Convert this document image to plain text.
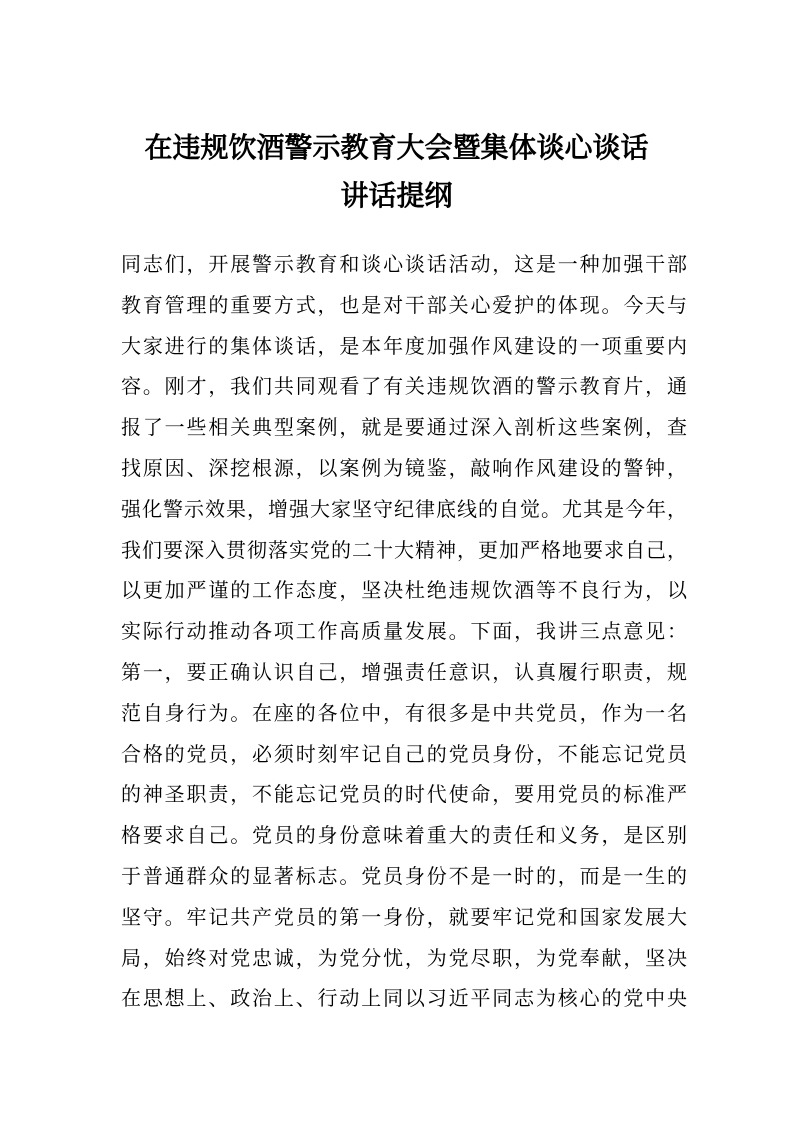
在违规饮酒警示教育大会暨集体谈心谈话
讲话提纲
同志们，开展警示教育和谈心谈话活动，这是一种加强干部
教育管理的重要方式，也是对干部关心爱护的体现。今天与
大家进行的集体谈话，是本年度加强作风建设的一项重要内
容。刚才，我们共同观看了有关违规饮酒的警示教育片，通
报了一些相关典型案例，就是要通过深入剖析这些案例，查
找原因、深挖根源，以案例为镜鉴，敲响作风建设的警钟，
强化警示效果，增强大家坚守纪律底线的自觉。尤其是今年，
我们要深入贯彻落实党的二十大精神，更加严格地要求自己，
以更加严谨的工作态度，坚决杜绝违规饮酒等不良行为，以
实际行动推动各项工作高质量发展。下面，我讲三点意见：
第一，要正确认识自己，增强责任意识，认真履行职责，规
范自身行为。在座的各位中，有很多是中共党员，作为一名
合格的党员，必须时刻牢记自己的党员身份，不能忘记党员
的神圣职责，不能忘记党员的时代使命，要用党员的标准严
格要求自己。党员的身份意味着重大的责任和义务，是区别
于普通群众的显著标志。党员身份不是一时的，而是一生的
坚守。牢记共产党员的第一身份，就要牢记党和国家发展大
局，始终对党忠诚，为党分忧，为党尽职，为党奉献，坚决
在思想上、政治上、行动上同以习近平同志为核心的党中央
